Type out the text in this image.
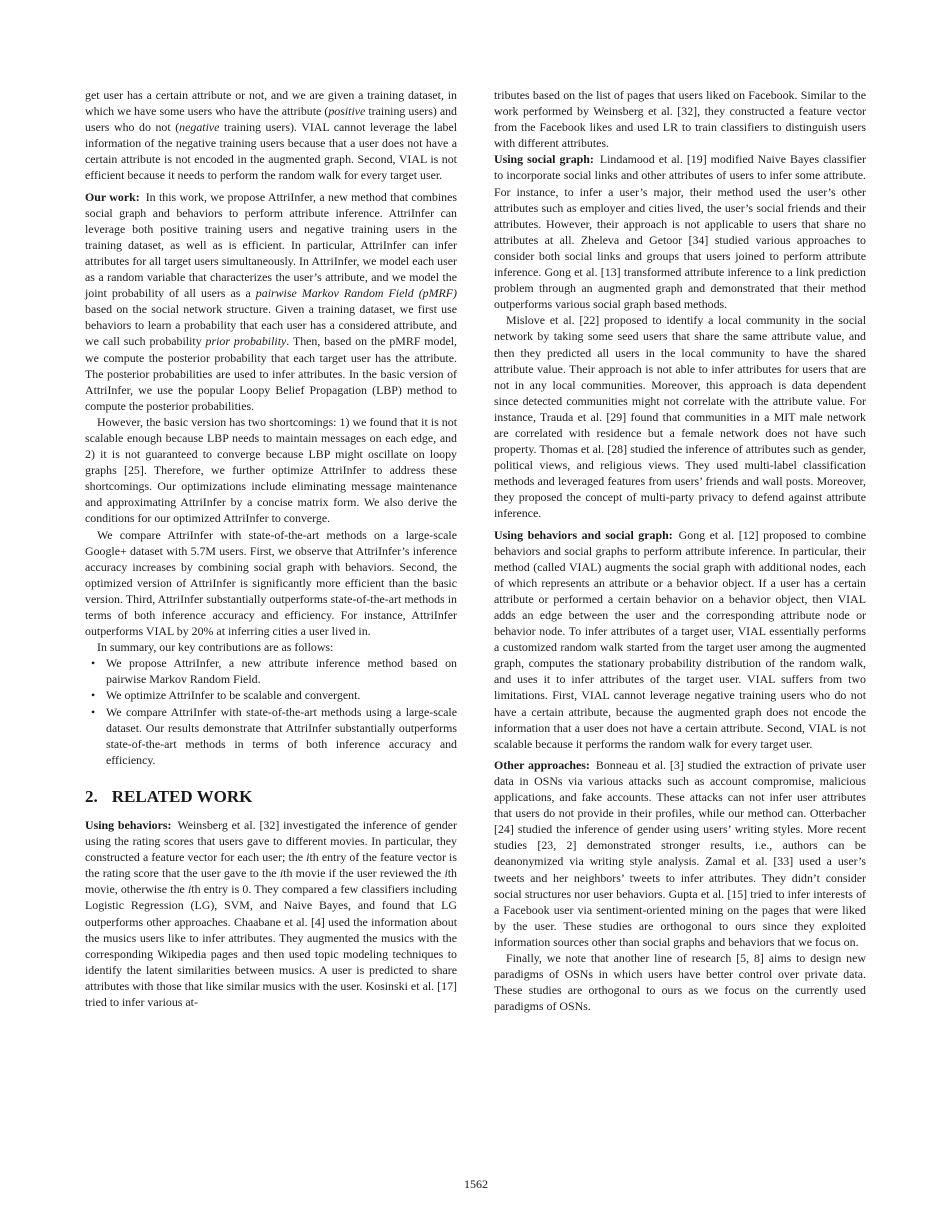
get user has a certain attribute or not, and we are given a training dataset, in which we have some users who have the attribute (positive training users) and users who do not (negative training users). VIAL cannot leverage the label information of the negative training users because that a user does not have a certain attribute is not encoded in the augmented graph. Second, VIAL is not efficient because it needs to perform the random walk for every target user.

Our work: In this work, we propose AttriInfer, a new method that combines social graph and behaviors to perform attribute inference. AttriInfer can leverage both positive training users and negative training users in the training dataset, as well as is efficient. In particular, AttriInfer can infer attributes for all target users simultaneously. In AttriInfer, we model each user as a random variable that characterizes the user’s attribute, and we model the joint probability of all users as a pairwise Markov Random Field (pMRF) based on the social network structure. Given a training dataset, we first use behaviors to learn a probability that each user has a considered attribute, and we call such probability prior probability. Then, based on the pMRF model, we compute the posterior probability that each target user has the attribute. The posterior probabilities are used to infer attributes. In the basic version of AttriInfer, we use the popular Loopy Belief Propagation (LBP) method to compute the posterior probabilities.

However, the basic version has two shortcomings: 1) we found that it is not scalable enough because LBP needs to maintain messages on each edge, and 2) it is not guaranteed to converge because LBP might oscillate on loopy graphs [25]. Therefore, we further optimize AttriInfer to address these shortcomings. Our optimizations include eliminating message maintenance and approximating AttriInfer by a concise matrix form. We also derive the conditions for our optimized AttriInfer to converge.

We compare AttriInfer with state-of-the-art methods on a large-scale Google+ dataset with 5.7M users. First, we observe that AttriInfer’s inference accuracy increases by combining social graph with behaviors. Second, the optimized version of AttriInfer is significantly more efficient than the basic version. Third, AttriInfer substantially outperforms state-of-the-art methods in terms of both inference accuracy and efficiency. For instance, AttriInfer outperforms VIAL by 20% at inferring cities a user lived in.

In summary, our key contributions are as follows:

• We propose AttriInfer, a new attribute inference method based on pairwise Markov Random Field.
• We optimize AttriInfer to be scalable and convergent.
• We compare AttriInfer with state-of-the-art methods using a large-scale dataset. Our results demonstrate that AttriInfer substantially outperforms state-of-the-art methods in terms of both inference accuracy and efficiency.
2. RELATED WORK

Using behaviors: Weinsberg et al. [32] investigated the inference of gender using the rating scores that users gave to different movies. In particular, they constructed a feature vector for each user; the ith entry of the feature vector is the rating score that the user gave to the ith movie if the user reviewed the ith movie, otherwise the ith entry is 0. They compared a few classifiers including Logistic Regression (LG), SVM, and Naive Bayes, and found that LG outperforms other approaches. Chaabane et al. [4] used the information about the musics users like to infer attributes. They augmented the musics with the corresponding Wikipedia pages and then used topic modeling techniques to identify the latent similarities between musics. A user is predicted to share attributes with those that like similar musics with the user. Kosinski et al. [17] tried to infer various at-

tributes based on the list of pages that users liked on Facebook. Similar to the work performed by Weinsberg et al. [32], they constructed a feature vector from the Facebook likes and used LR to train classifiers to distinguish users with different attributes.

Using social graph: Lindamood et al. [19] modified Naive Bayes classifier to incorporate social links and other attributes of users to infer some attribute. For instance, to infer a user’s major, their method used the user’s other attributes such as employer and cities lived, the user’s social friends and their attributes. However, their approach is not applicable to users that share no attributes at all. Zheleva and Getoor [34] studied various approaches to consider both social links and groups that users joined to perform attribute inference. Gong et al. [13] transformed attribute inference to a link prediction problem through an augmented graph and demonstrated that their method outperforms various social graph based methods.

Mislove et al. [22] proposed to identify a local community in the social network by taking some seed users that share the same attribute value, and then they predicted all users in the local community to have the shared attribute value. Their approach is not able to infer attributes for users that are not in any local communities. Moreover, this approach is data dependent since detected communities might not correlate with the attribute value. For instance, Trauda et al. [29] found that communities in a MIT male network are correlated with residence but a female network does not have such property. Thomas et al. [28] studied the inference of attributes such as gender, political views, and religious views. They used multi-label classification methods and leveraged features from users’ friends and wall posts. Moreover, they proposed the concept of multi-party privacy to defend against attribute inference.

Using behaviors and social graph: Gong et al. [12] proposed to combine behaviors and social graphs to perform attribute inference. In particular, their method (called VIAL) augments the social graph with additional nodes, each of which represents an attribute or a behavior object. If a user has a certain attribute or performed a certain behavior on a behavior object, then VIAL adds an edge between the user and the corresponding attribute node or behavior node. To infer attributes of a target user, VIAL essentially performs a customized random walk started from the target user among the augmented graph, computes the stationary probability distribution of the random walk, and uses it to infer attributes of the target user. VIAL suffers from two limitations. First, VIAL cannot leverage negative training users who do not have a certain attribute, because the augmented graph does not encode the information that a user does not have a certain attribute. Second, VIAL is not scalable because it performs the random walk for every target user.

Other approaches: Bonneau et al. [3] studied the extraction of private user data in OSNs via various attacks such as account compromise, malicious applications, and fake accounts. These attacks can not infer user attributes that users do not provide in their profiles, while our method can. Otterbacher [24] studied the inference of gender using users’ writing styles. More recent studies [23, 2] demonstrated stronger results, i.e., authors can be deanonymized via writing style analysis. Zamal et al. [33] used a user’s tweets and her neighbors’ tweets to infer attributes. They didn’t consider social structures nor user behaviors. Gupta et al. [15] tried to infer interests of a Facebook user via sentiment-oriented mining on the pages that were liked by the user. These studies are orthogonal to ours since they exploited information sources other than social graphs and behaviors that we focus on.

Finally, we note that another line of research [5, 8] aims to design new paradigms of OSNs in which users have better control over private data. These studies are orthogonal to ours as we focus on the currently used paradigms of OSNs.

1562
